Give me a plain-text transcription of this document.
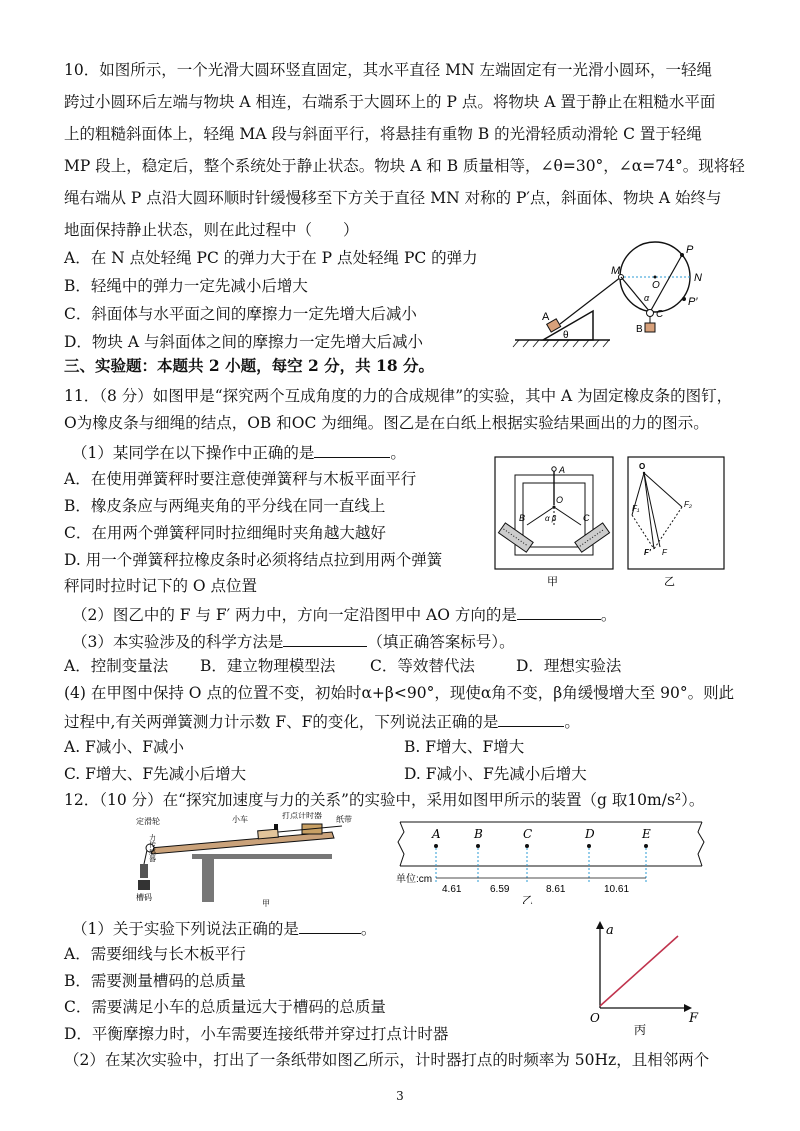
10．如图所示，一个光滑大圆环竖直固定，其水平直径 MN 左端固定有一光滑小圆环，一轻绳
跨过小圆环后左端与物块 A 相连，右端系于大圆环上的 P 点。将物块 A 置于静止在粗糙水平面
上的粗糙斜面体上，轻绳 MA 段与斜面平行，将悬挂有重物 B 的光滑轻质动滑轮 C 置于轻绳
MP 段上，稳定后，整个系统处于静止状态。物块 A 和 B 质量相等，∠θ=30°，∠α=74°。现将轻
绳右端从 P 点沿大圆环顺时针缓慢移至下方关于直径 MN 对称的 P′点，斜面体、物块 A 始终与
地面保持静止状态，则在此过程中（　　）
A．在 N 点处轻绳 PC 的弹力大于在 P 点处轻绳 PC 的弹力
B．轻绳中的弹力一定先减小后增大
C．斜面体与水平面之间的摩擦力一定先增大后减小
D．物块 A 与斜面体之间的摩擦力一定先增大后减小
A
θ
M
N
P
P′
O
α
C
B
三、实验题：本题共 2 小题，每空 2 分，共 18 分。
11．（8 分）如图甲是“探究两个互成角度的力的合成规律”的实验，其中 A 为固定橡皮条的图钉，
O为橡皮条与细绳的结点，OB 和OC 为细绳。图乙是在白纸上根据实验结果画出的力的图示。
（1）某同学在以下操作中正确的是	。
A．在使用弹簧秤时要注意使弹簧秤与木板平面平行
B．橡皮条应与两绳夹角的平分线在同一直线上
C．在用两个弹簧秤同时拉细绳时夹角越大越好
D. 用一个弹簧秤拉橡皮条时必须将结点拉到用两个弹簧
秤同时拉时记下的 O 点位置
A
O
α β
B	C
甲
O
F₁	F₂
F′ F
乙
（2）图乙中的 F 与 F′ 两力中，方向一定沿图甲中 AO 方向的是	。
（3）本实验涉及的科学方法是	（填正确答案标号）。
A．控制变量法 B．建立物理模型法 C．等效替代法	D．理想实验法
(4) 在甲图中保持 O 点的位置不变，初始时α+β<90°，现使α角不变，β角缓慢增大至 90°。则此
过程中,有关两弹簧测力计示数 F、F的变化，下列说法正确的是	。
A. F减小、F减小	B. F增大、F增大
C. F增大、F先减小后增大	D. F减小、F先减小后增大
12．（10 分）在“探究加速度与力的关系”的实验中，采用如图甲所示的装置（g 取10m/s²）。
定滑轮	小车	打点计时器 纸带
力传感器
槽码
甲
A	B	C	D	E
单位:cm
4.61	6.59	8.61	10.61
乙
（1）关于实验下列说法正确的是	。
A．需要细线与长木板平行
B．需要测量槽码的总质量
C．需要满足小车的总质量远大于槽码的总质量
D．平衡摩擦力时，小车需要连接纸带并穿过打点计时器
a
F
O
丙
（2）在某次实验中，打出了一条纸带如图乙所示，计时器打点的时频率为 50Hz，且相邻两个
3
